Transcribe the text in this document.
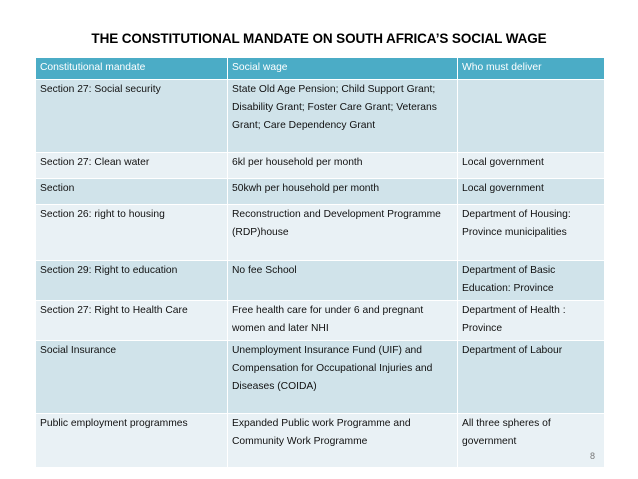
THE CONSTITUTIONAL MANDATE ON SOUTH AFRICA’S SOCIAL WAGE
Constitutional mandate	Social wage	Who must deliver
Section 27: Social security	State Old Age Pension; Child Support Grant; Disability Grant; Foster Care Grant; Veterans Grant; Care Dependency Grant	
Section 27: Clean water	6kl per household per month	Local government
Section	50kwh per household per month	Local government
Section 26: right to housing	Reconstruction and Development Programme (RDP)house	Department of Housing: Province municipalities
Section 29: Right to education	No fee School	Department of Basic Education: Province
Section 27: Right to Health Care	Free health care for under 6 and pregnant women and later NHI	Department of Health : Province
Social Insurance	Unemployment Insurance Fund (UIF) and Compensation for Occupational Injuries and Diseases (COIDA)	Department of Labour
Public employment programmes	Expanded Public work Programme and Community Work Programme	All three spheres of government
8
